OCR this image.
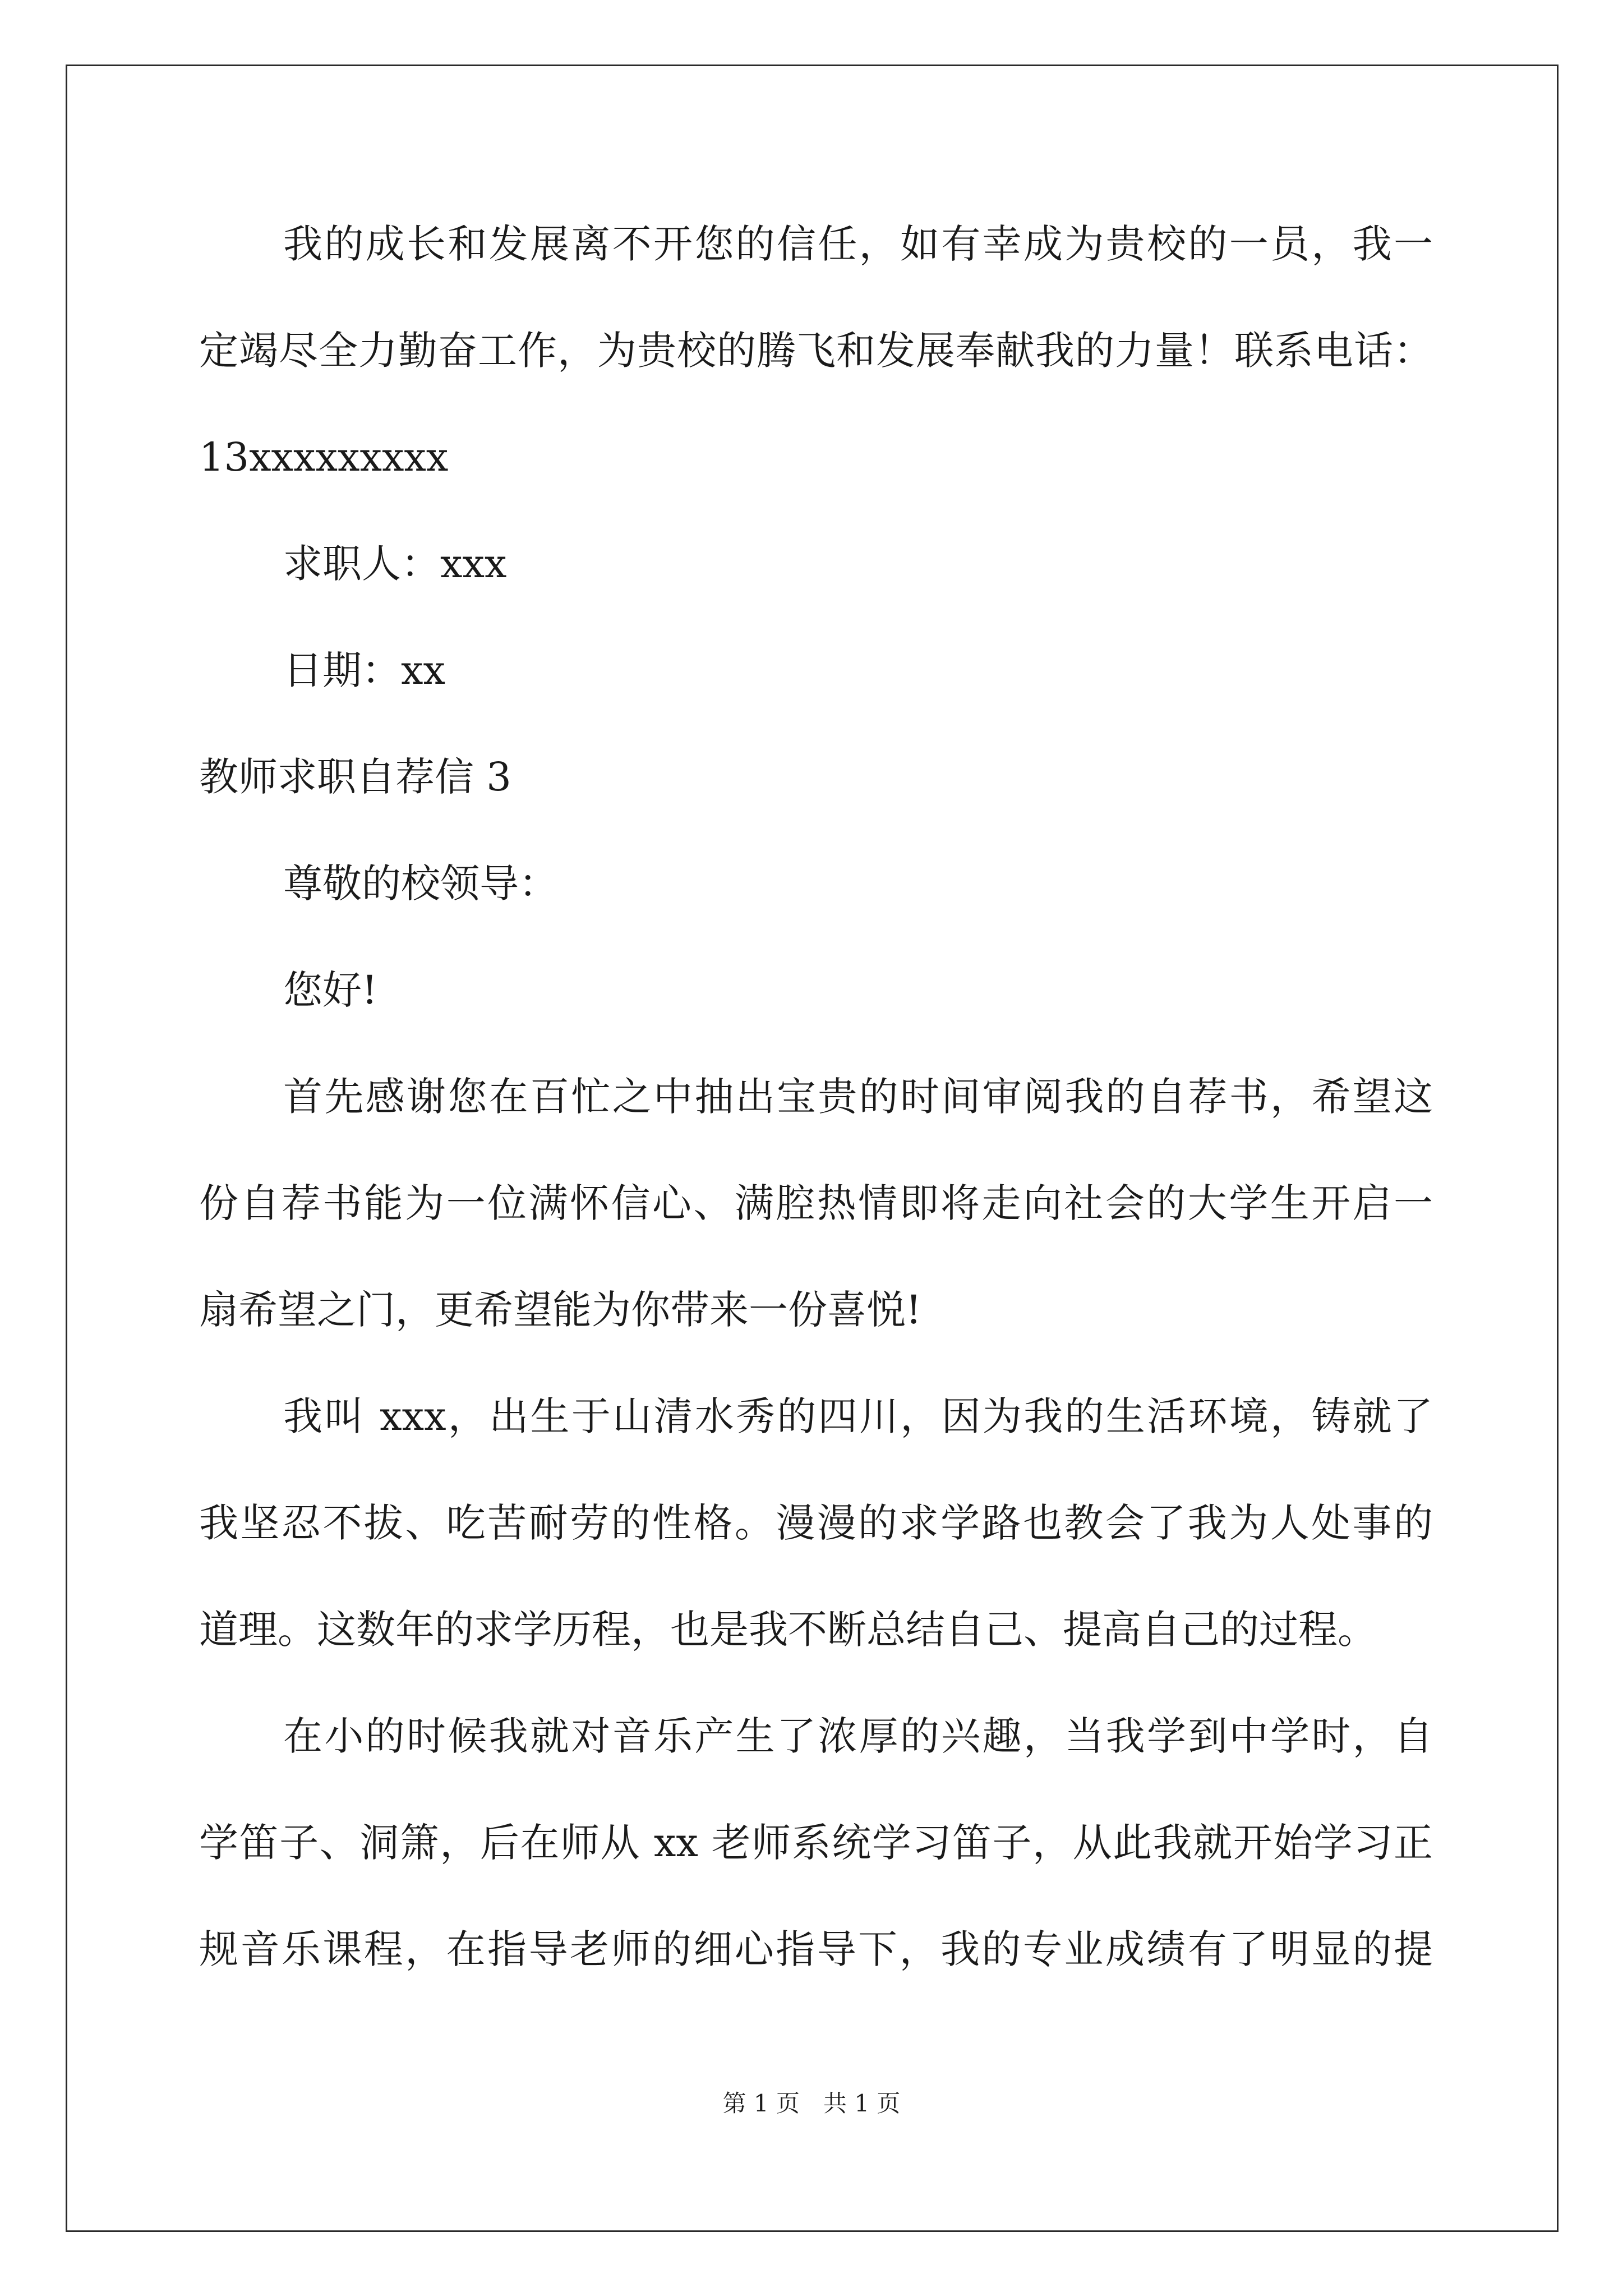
我的成长和发展离不开您的信任，如有幸成为贵校的一员，我一
定竭尽全力勤奋工作，为贵校的腾飞和发展奉献我的力量！联系电话：
13xxxxxxxxx
求职人：xxx
日期：xx
教师求职自荐信 3
尊敬的校领导：
您好!
首先感谢您在百忙之中抽出宝贵的时间审阅我的自荐书，希望这
份自荐书能为一位满怀信心、满腔热情即将走向社会的大学生开启一
扇希望之门，更希望能为你带来一份喜悦!
我叫 xxx，出生于山清水秀的四川，因为我的生活环境，铸就了
我坚忍不拔、吃苦耐劳的性格。漫漫的求学路也教会了我为人处事的
道理。这数年的求学历程，也是我不断总结自己、提高自己的过程。
在小的时候我就对音乐产生了浓厚的兴趣，当我学到中学时，自
学笛子、洞箫，后在师从 xx 老师系统学习笛子，从此我就开始学习正
规音乐课程，在指导老师的细心指导下，我的专业成绩有了明显的提
第 1 页　共 1 页
